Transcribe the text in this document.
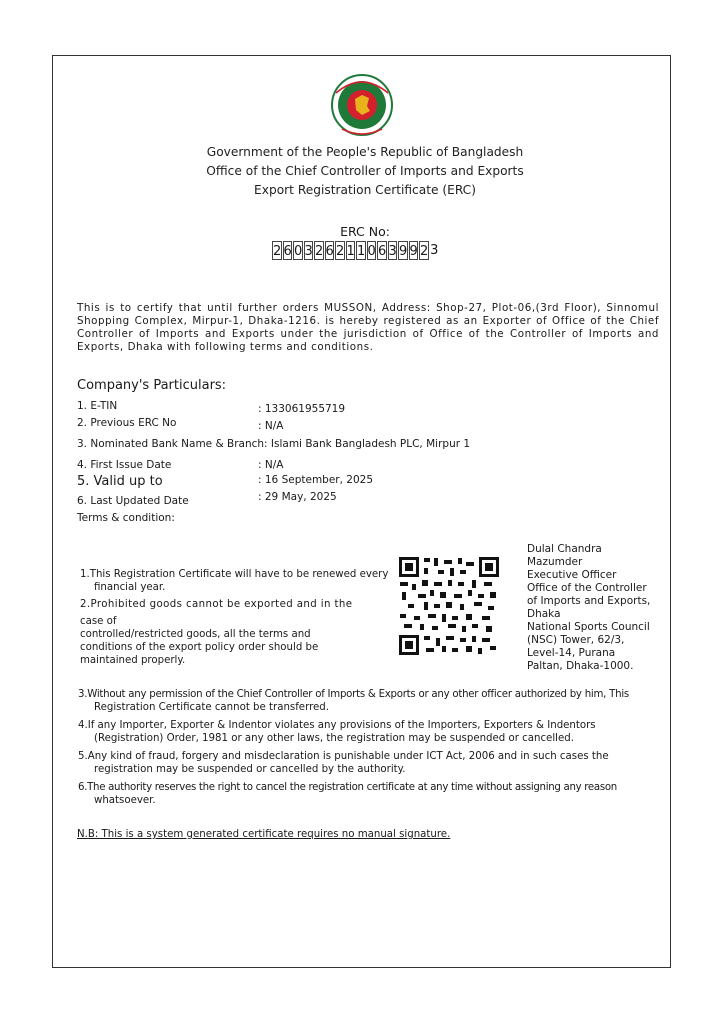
Government of the People's Republic of Bangladesh
Office of the Chief Controller of Imports and Exports
Export Registration Certificate (ERC)
ERC No:
2 6 0 3 2 6 2 1 1 0 6 3 9 9 2 3
This is to certify that until further orders MUSSON, Address: Shop-27, Plot-06,(3rd Floor), Sinnomul Shopping Complex, Mirpur-1, Dhaka-1216. is hereby registered as an Exporter of Office of the Chief Controller of Imports and Exports under the jurisdiction of Office of the Controller of Imports and Exports, Dhaka with following terms and conditions.
Company's Particulars:
1. E-TIN	: 133061955719
2. Previous ERC No	: N/A
3. Nominated Bank Name & Branch: Islami Bank Bangladesh PLC, Mirpur 1
4. First Issue Date	: N/A
5. Valid up to	: 16 September, 2025
6. Last Updated Date	: 29 May, 2025
Terms & condition:
1.This Registration Certificate will have to be renewed every financial year.
2.Prohibited goods cannot be exported and in the
case of
controlled/restricted goods, all the terms and
conditions of the export policy order should be
maintained properly.
Dulal Chandra
Mazumder
Executive Officer
Office of the Controller
of Imports and Exports,
Dhaka
National Sports Council
(NSC) Tower, 62/3,
Level-14, Purana
Paltan, Dhaka-1000.
3.Without any permission of the Chief Controller of Imports & Exports or any other officer authorized by him, This
Registration Certificate cannot be transferred.
4.If any Importer, Exporter & Indentor violates any provisions of the Importers, Exporters & Indentors
(Registration) Order, 1981 or any other laws, the registration may be suspended or cancelled.
5.Any kind of fraud, forgery and misdeclaration is punishable under ICT Act, 2006 and in such cases the
registration may be suspended or cancelled by the authority.
6.The authority reserves the right to cancel the registration certificate at any time without assigning any reason
whatsoever.
N.B: This is a system generated certificate requires no manual signature.
